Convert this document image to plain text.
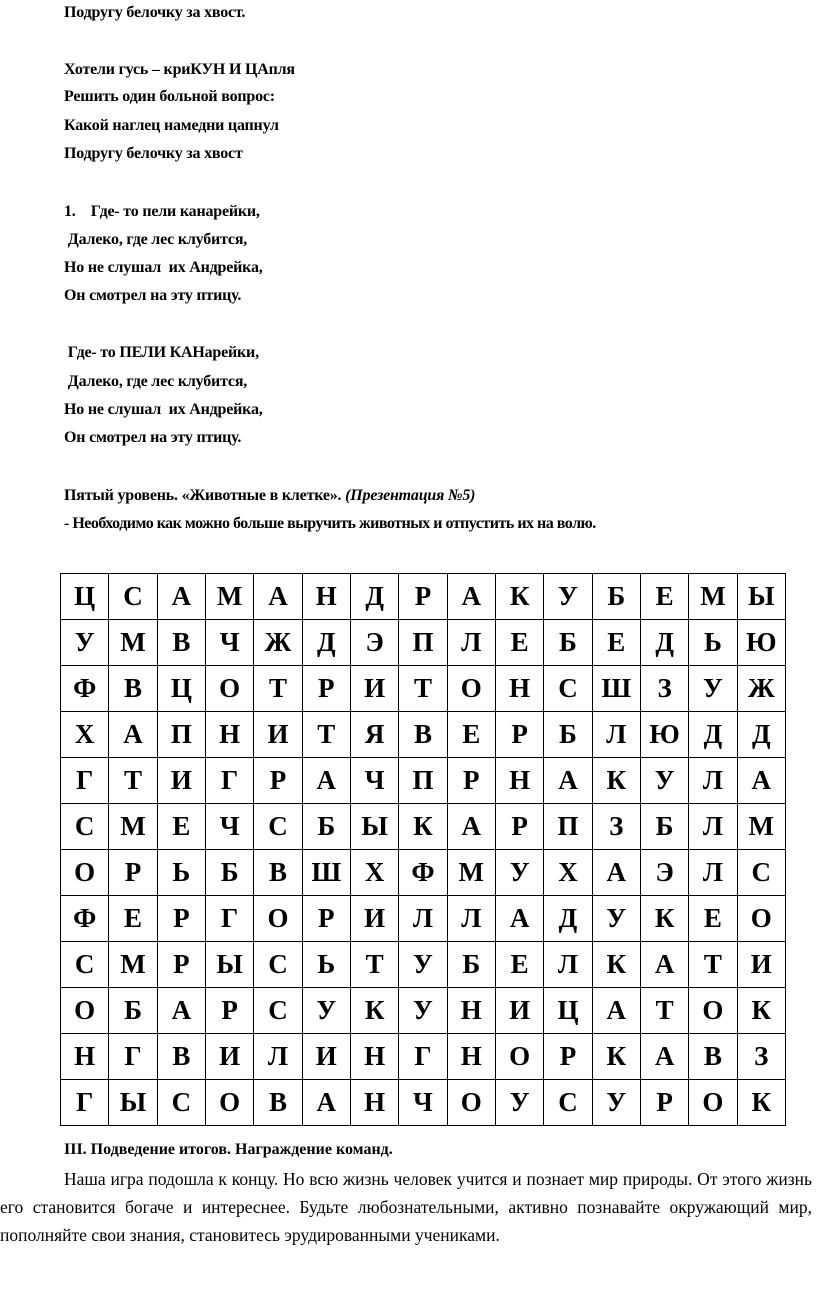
Подругу белочку за хвост.
Хотели гусь – криКУН И ЦАпля
Решить один больной вопрос:
Какой наглец намедни цапнул
Подругу белочку за хвост
1.    Где- то пели канарейки,
Далеко, где лес клубится,
Но не слушал  их Андрейка,
Он смотрел на эту птицу.
Где- то ПЕЛИ КАНарейки,
Далеко, где лес клубится,
Но не слушал  их Андрейка,
Он смотрел на эту птицу.
Пятый уровень. «Животные в клетке». (Презентация №5)
- Необходимо как можно больше выручить животных и отпустить их на волю.
Ц	С	А	М	А	Н	Д	Р	А	К	У	Б	Е	М	Ы
У	М	В	Ч	Ж	Д	Э	П	Л	Е	Б	Е	Д	Ь	Ю
Ф	В	Ц	О	Т	Р	И	Т	О	Н	С	Ш	З	У	Ж
Х	А	П	Н	И	Т	Я	В	Е	Р	Б	Л	Ю	Д	Д
Г	Т	И	Г	Р	А	Ч	П	Р	Н	А	К	У	Л	А
С	М	Е	Ч	С	Б	Ы	К	А	Р	П	З	Б	Л	М
О	Р	Ь	Б	В	Ш	Х	Ф	М	У	Х	А	Э	Л	С
Ф	Е	Р	Г	О	Р	И	Л	Л	А	Д	У	К	Е	О
С	М	Р	Ы	С	Ь	Т	У	Б	Е	Л	К	А	Т	И
О	Б	А	Р	С	У	К	У	Н	И	Ц	А	Т	О	К
Н	Г	В	И	Л	И	Н	Г	Н	О	Р	К	А	В	З
Г	Ы	С	О	В	А	Н	Ч	О	У	С	У	Р	О	К
III. Подведение итогов. Награждение команд.
Наша игра подошла к концу. Но всю жизнь человек учится и познает мир природы. От этого жизнь его становится богаче и интереснее. Будьте любознательными, активно познавайте окружающий мир, пополняйте свои знания, становитесь эрудированными учениками.
